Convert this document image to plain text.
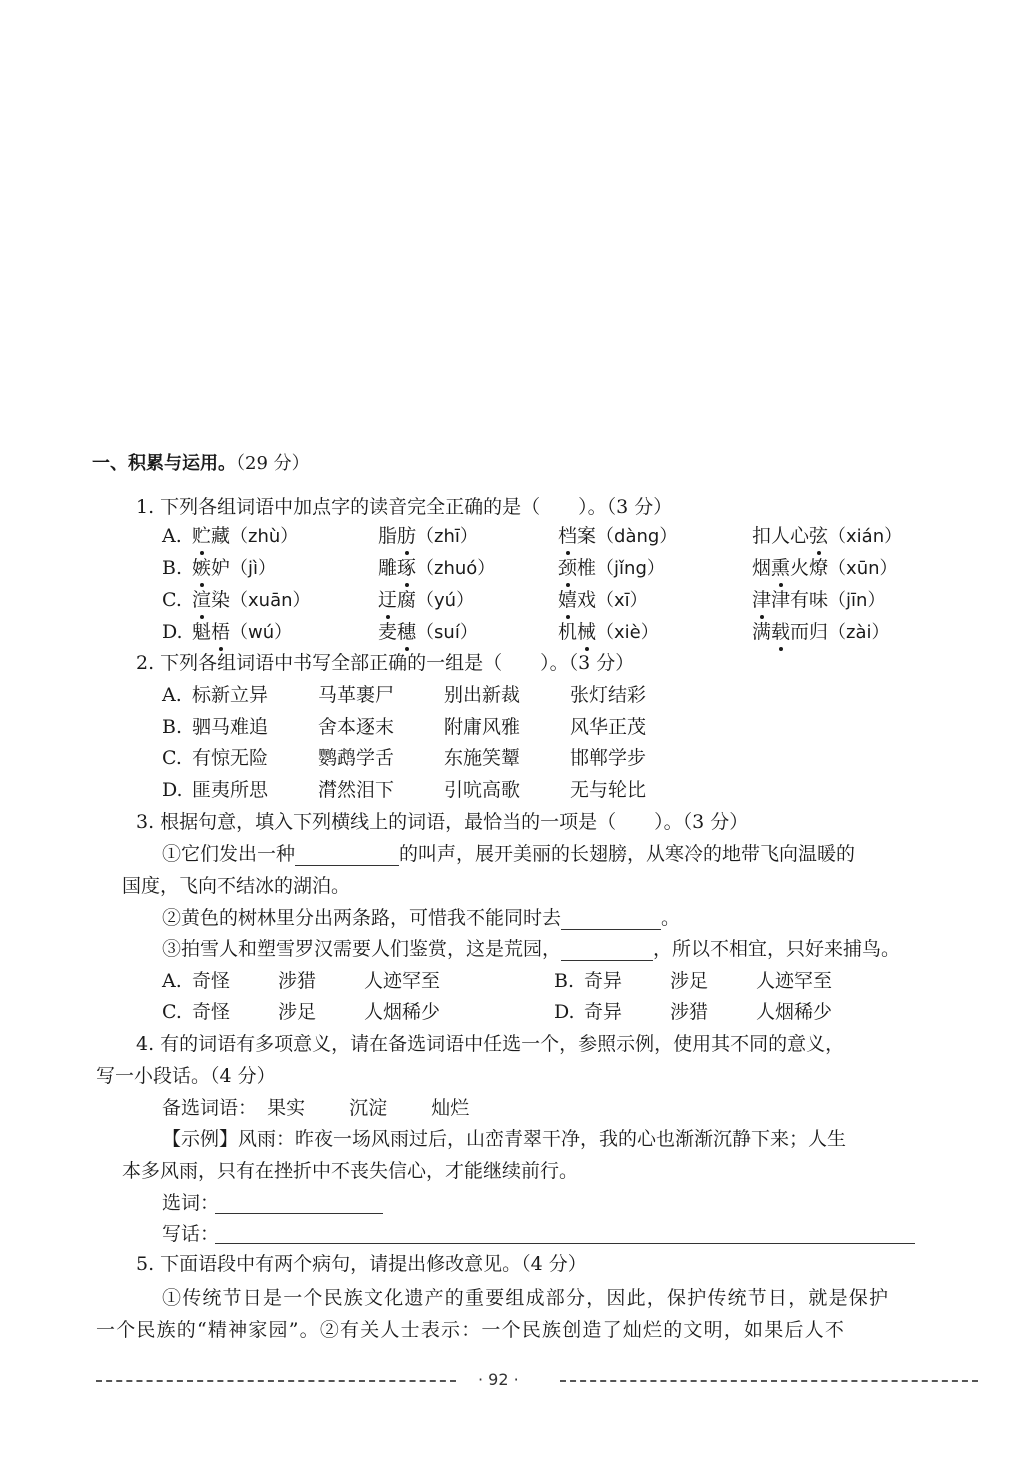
一、积累与运用。（29 分）
1. 下列各组词语中加点字的读音完全正确的是（　　）。（3 分）
A. 贮藏（zhù）	脂肪（zhī）	档案（dàng）	扣人心弦（xián）
B. 嫉妒（jì）	雕琢（zhuó）	颈椎（jǐng）	烟熏火燎（xūn）
C. 渲染（xuān）	迂腐（yú）	嬉戏（xī）	津津有味（jīn）
D. 魁梧（wú）	麦穗（suí）	机械（xiè）	满载而归（zài）
2. 下列各组词语中书写全部正确的一组是（　　）。（3 分）
A. 标新立异	马革裹尸	别出新裁	张灯结彩
B. 驷马难追	舍本逐末	附庸风雅	风华正茂
C. 有惊无险	鹦鹉学舌	东施笑颦	邯郸学步
D. 匪夷所思	潸然泪下	引吭高歌	无与轮比
3. 根据句意，填入下列横线上的词语，最恰当的一项是（　　）。（3 分）
①它们发出一种	的叫声，展开美丽的长翅膀，从寒冷的地带飞向温暖的
国度，飞向不结冰的湖泊。
②黄色的树林里分出两条路，可惜我不能同时去	。
③拍雪人和塑雪罗汉需要人们鉴赏，这是荒园，	，所以不相宜，只好来捕鸟。
A. 奇怪	涉猎	人迹罕至	B. 奇异	涉足	人迹罕至
C. 奇怪	涉足	人烟稀少	D. 奇异	涉猎	人烟稀少
4. 有的词语有多项意义，请在备选词语中任选一个，参照示例，使用其不同的意义，
写一小段话。（4 分）
备选词语： 果实 沉淀 灿烂
【示例】风雨：昨夜一场风雨过后，山峦青翠干净，我的心也渐渐沉静下来；人生
本多风雨，只有在挫折中不丧失信心，才能继续前行。
选词：
写话：
5. 下面语段中有两个病句，请提出修改意见。（4 分）
①传统节日是一个民族文化遗产的重要组成部分，因此，保护传统节日，就是保护
一个民族的“精神家园”。②有关人士表示：一个民族创造了灿烂的文明，如果后人不
· 92 ·
